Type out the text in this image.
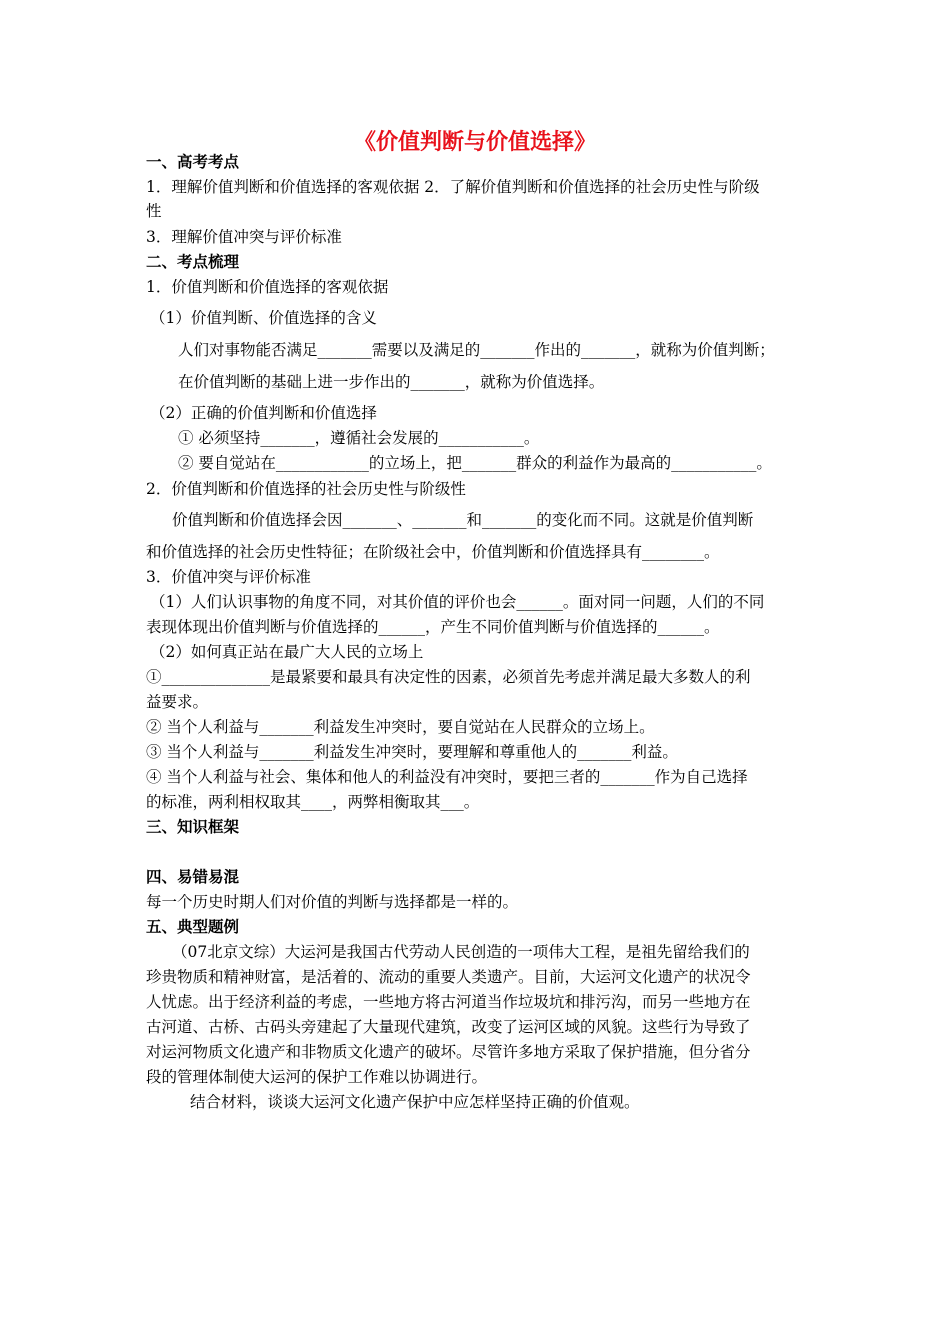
《价值判断与价值选择》
一、高考考点
1．理解价值判断和价值选择的客观依据 2．了解价值判断和价值选择的社会历史性与阶级
性
3．理解价值冲突与评价标准
二、考点梳理
1．价值判断和价值选择的客观依据
（1）价值判断、价值选择的含义
人们对事物能否满足_______需要以及满足的_______作出的_______，就称为价值判断；
在价值判断的基础上进一步作出的_______，就称为价值选择。
（2）正确的价值判断和价值选择
① 必须坚持_______，遵循社会发展的___________。
② 要自觉站在____________的立场上，把_______群众的利益作为最高的___________。
2．价值判断和价值选择的社会历史性与阶级性
价值判断和价值选择会因_______、_______和_______的变化而不同。这就是价值判断
和价值选择的社会历史性特征；在阶级社会中，价值判断和价值选择具有________。
3．价值冲突与评价标准
（1）人们认识事物的角度不同，对其价值的评价也会______。面对同一问题，人们的不同
表现体现出价值判断与价值选择的______，产生不同价值判断与价值选择的______。
（2）如何真正站在最广大人民的立场上
①______________是最紧要和最具有决定性的因素，必须首先考虑并满足最大多数人的利
益要求。
② 当个人利益与_______利益发生冲突时，要自觉站在人民群众的立场上。
③ 当个人利益与_______利益发生冲突时，要理解和尊重他人的_______利益。
④ 当个人利益与社会、集体和他人的利益没有冲突时，要把三者的_______作为自己选择
的标准，两利相权取其____，两弊相衡取其___。
三、知识框架
四、易错易混
每一个历史时期人们对价值的判断与选择都是一样的。
五、典型题例
（07北京文综）大运河是我国古代劳动人民创造的一项伟大工程，是祖先留给我们的
珍贵物质和精神财富，是活着的、流动的重要人类遗产。目前，大运河文化遗产的状况令
人忧虑。出于经济利益的考虑，一些地方将古河道当作垃圾坑和排污沟，而另一些地方在
古河道、古桥、古码头旁建起了大量现代建筑，改变了运河区域的风貌。这些行为导致了
对运河物质文化遗产和非物质文化遗产的破坏。尽管许多地方采取了保护措施，但分省分
段的管理体制使大运河的保护工作难以协调进行。
结合材料，谈谈大运河文化遗产保护中应怎样坚持正确的价值观。
